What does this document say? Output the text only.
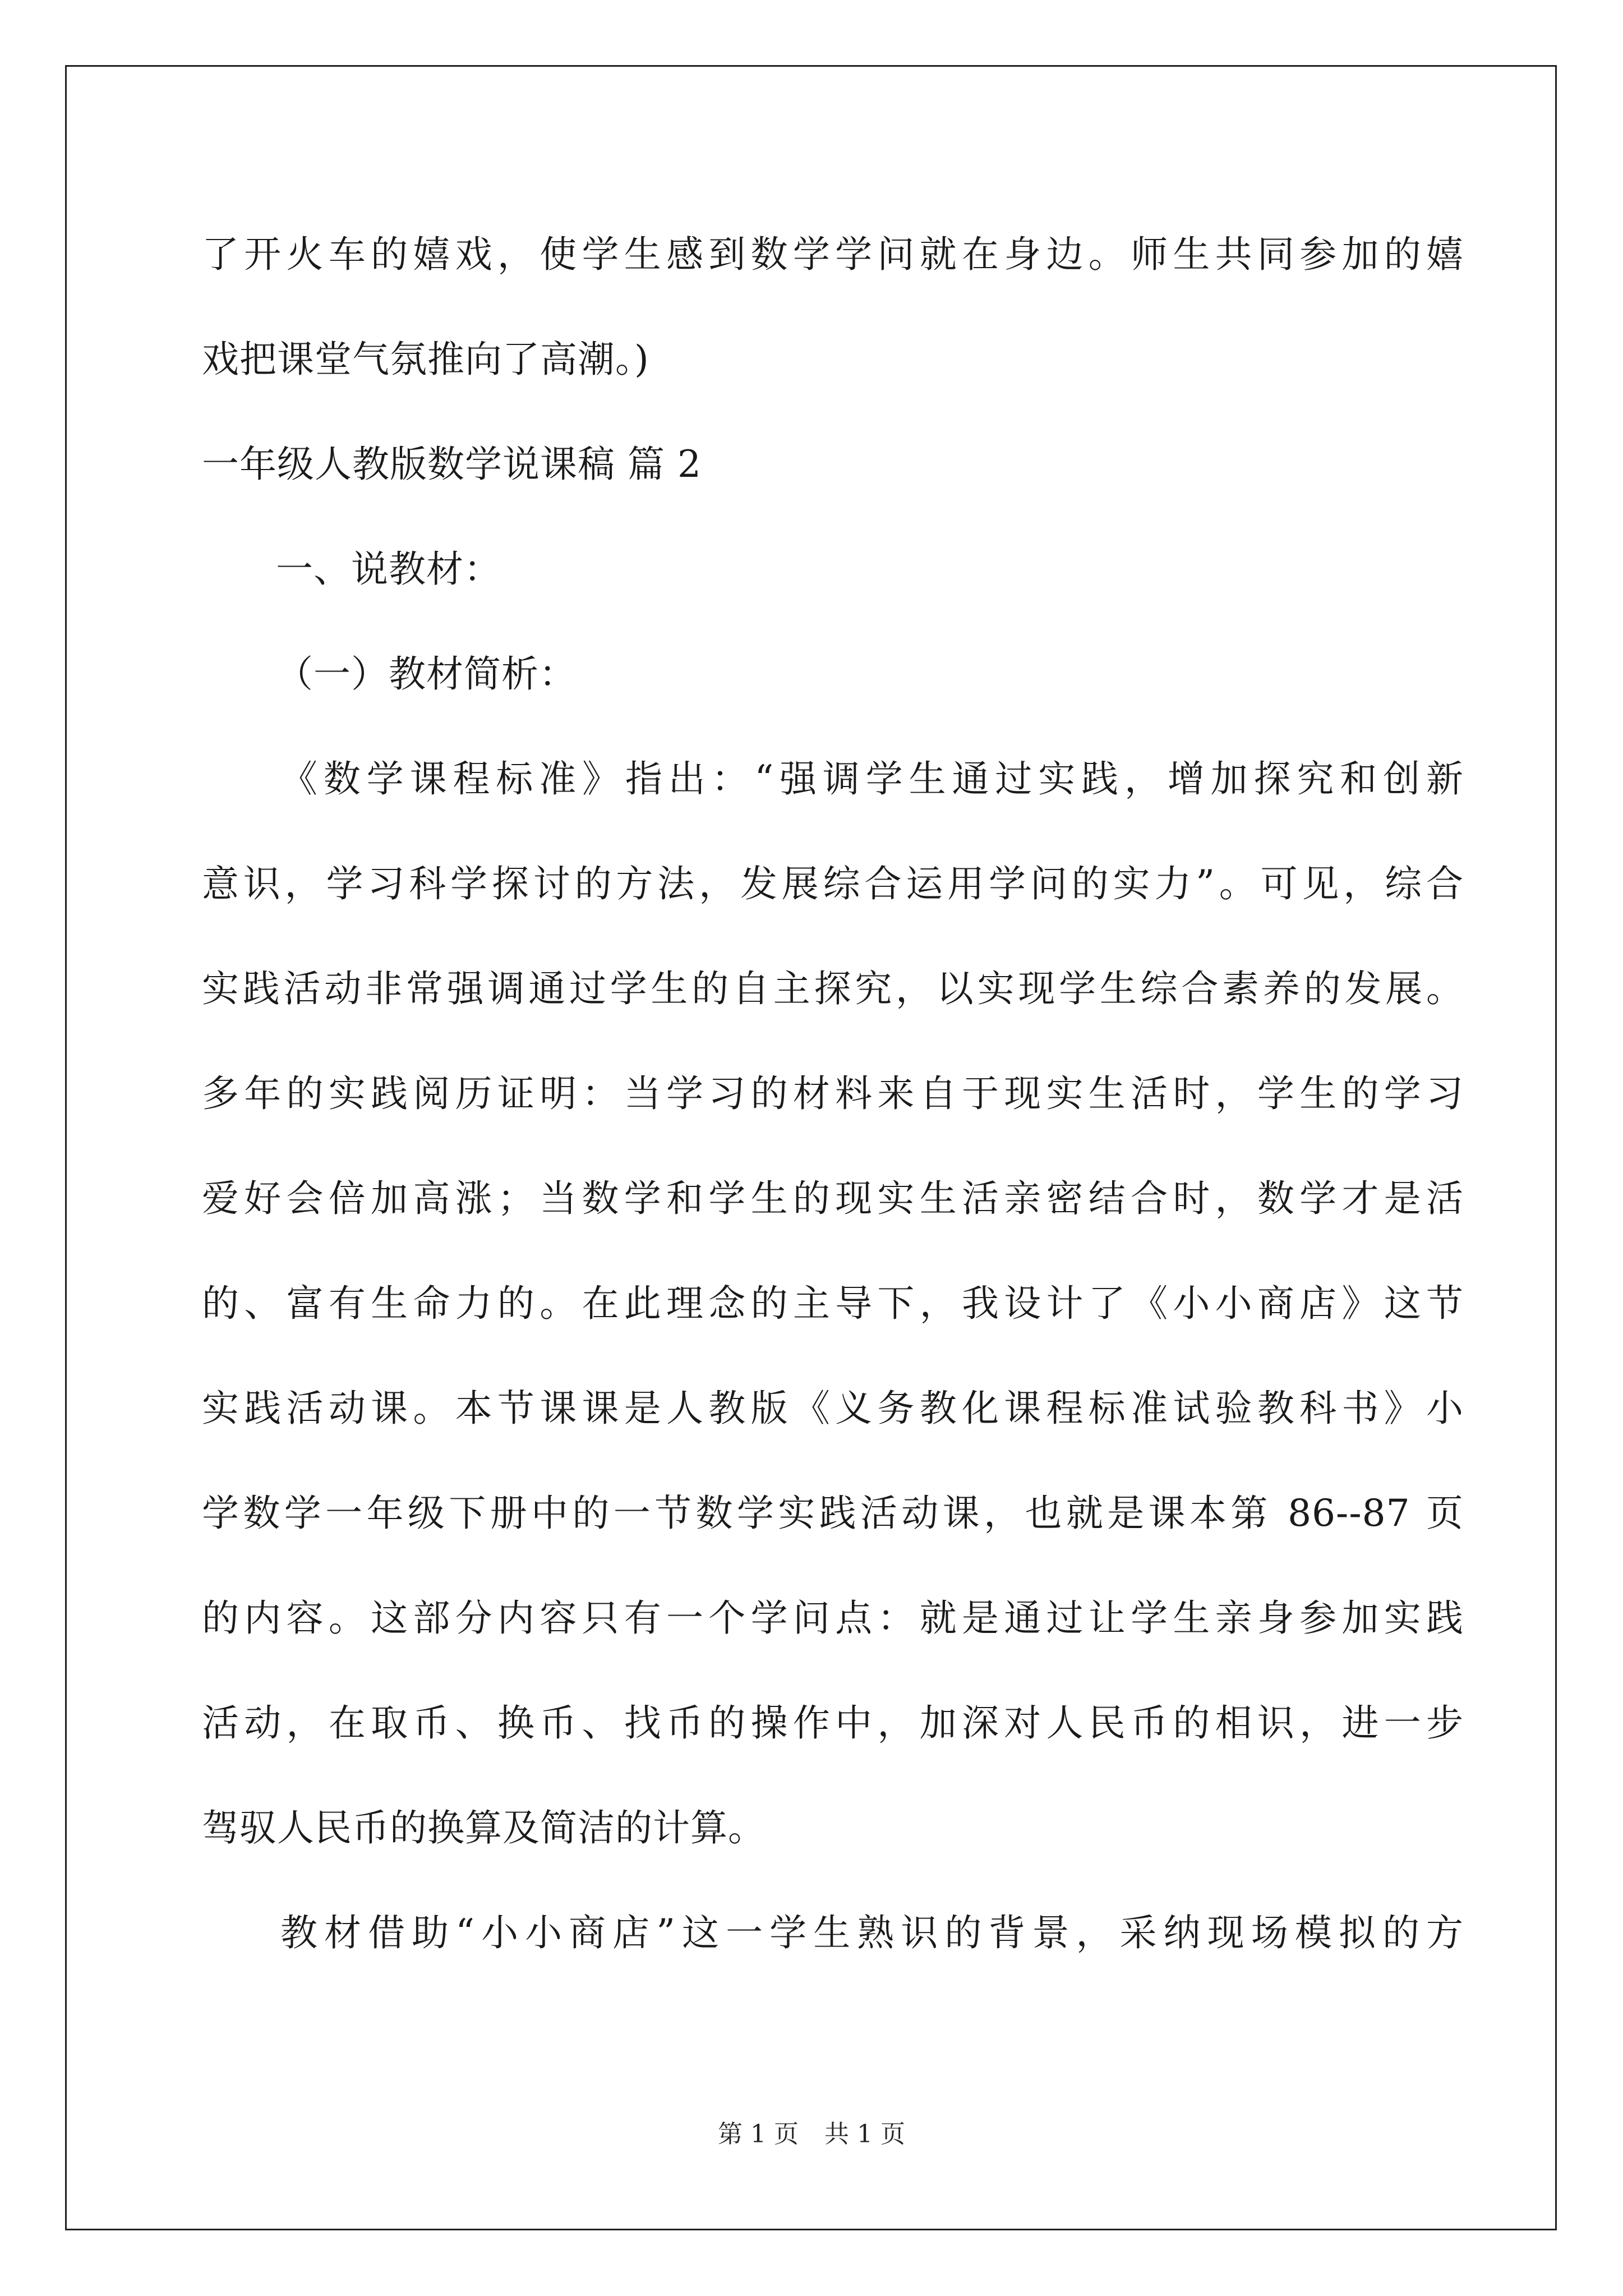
了开火车的嬉戏，使学生感到数学学问就在身边。师生共同参加的嬉
戏把课堂气氛推向了高潮。)
一年级人教版数学说课稿 篇 2
一、说教材：
（一）教材简析：
《数学课程标准》指出：“强调学生通过实践，增加探究和创新
意识，学习科学探讨的方法，发展综合运用学问的实力”。可见，综合
实践活动非常强调通过学生的自主探究，以实现学生综合素养的发展。
多年的实践阅历证明：当学习的材料来自于现实生活时，学生的学习
爱好会倍加高涨；当数学和学生的现实生活亲密结合时，数学才是活
的、富有生命力的。在此理念的主导下，我设计了《小小商店》这节
实践活动课。本节课课是人教版《义务教化课程标准试验教科书》小
学数学一年级下册中的一节数学实践活动课，也就是课本第 86--87 页
的内容。这部分内容只有一个学问点：就是通过让学生亲身参加实践
活动，在取币、换币、找币的操作中，加深对人民币的相识，进一步
驾驭人民币的换算及简洁的计算。
教材借助“小小商店”这一学生熟识的背景，采纳现场模拟的方
第 1 页 共 1 页
